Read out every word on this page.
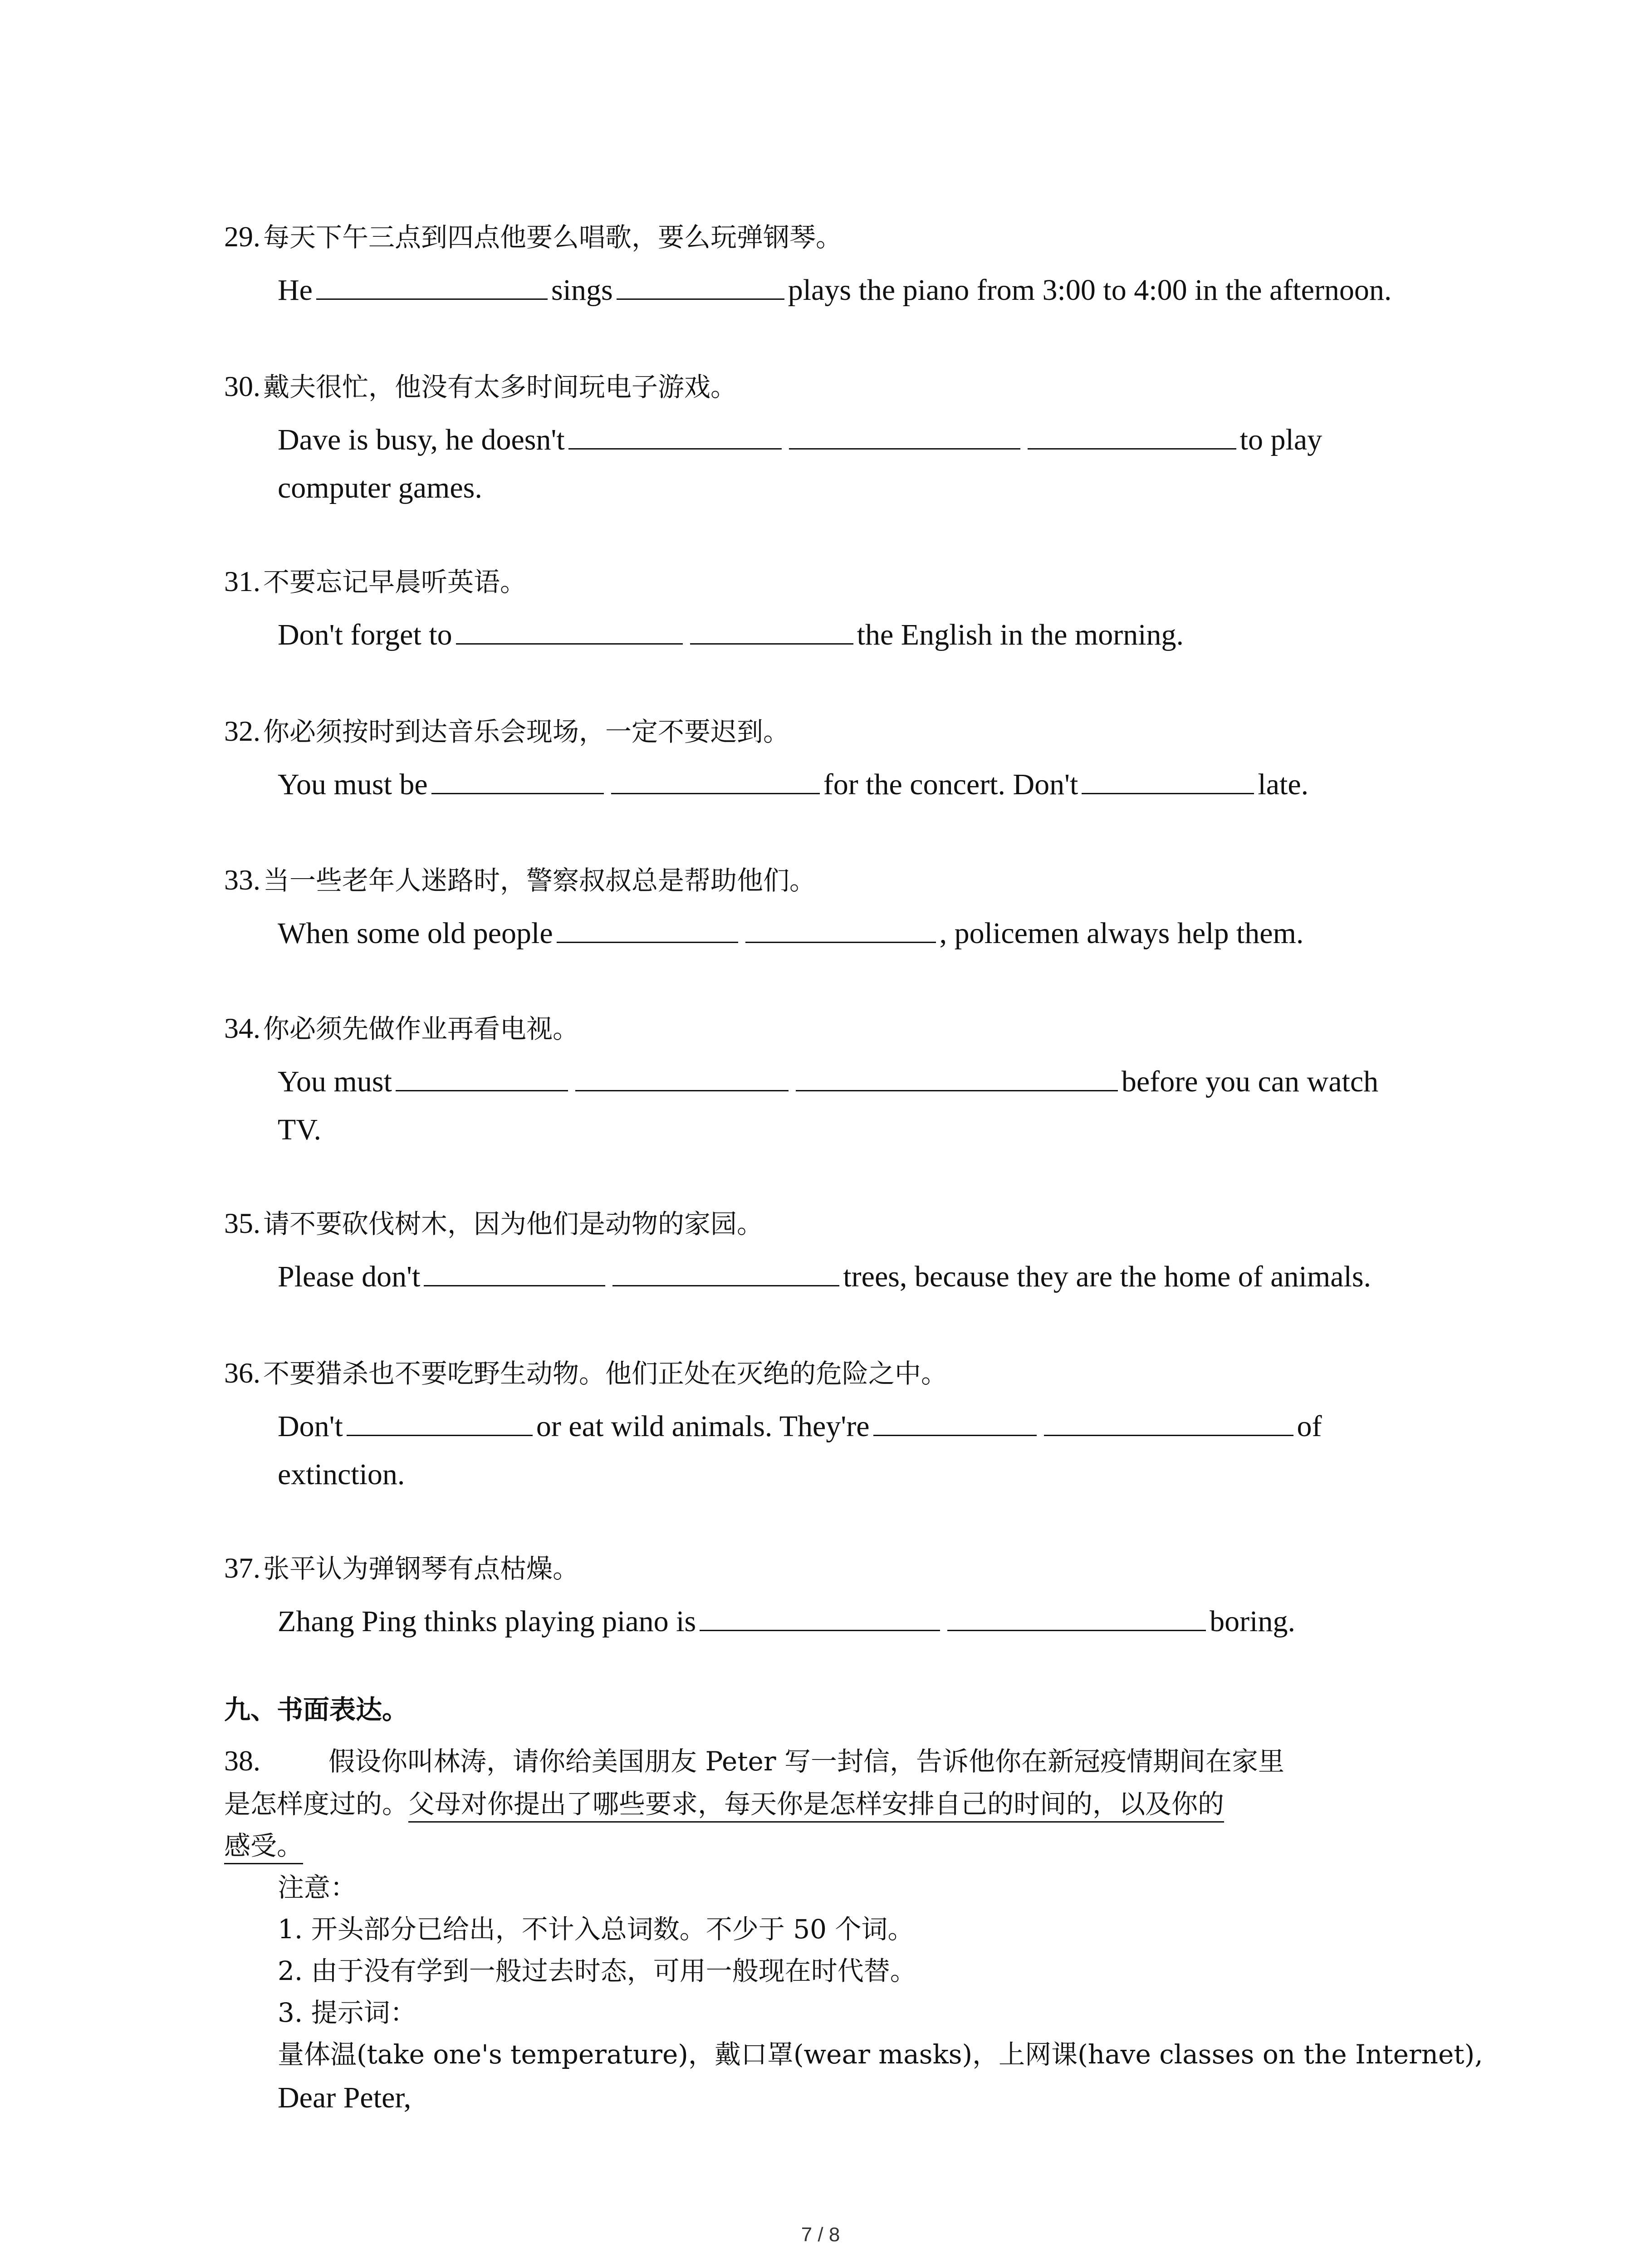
29. 每天下午三点到四点他要么唱歌，要么玩弹钢琴。
He	sings	plays the piano from 3:00 to 4:00 in the afternoon.
30. 戴夫很忙，他没有太多时间玩电子游戏。
Dave is busy, he doesn't	to play
computer games.
31. 不要忘记早晨听英语。
Don't forget to	the English in the morning.
32. 你必须按时到达音乐会现场，一定不要迟到。
You must be	for the concert. Don't	late.
33. 当一些老年人迷路时，警察叔叔总是帮助他们。
When some old people	, policemen always help them.
34. 你必须先做作业再看电视。
You must	before you can watch
TV.
35. 请不要砍伐树木，因为他们是动物的家园。
Please don't	trees, because they are the home of animals.
36. 不要猎杀也不要吃野生动物。他们正处在灭绝的危险之中。
Don't	or eat wild animals. They're	of
extinction.
37. 张平认为弹钢琴有点枯燥。
Zhang Ping thinks playing piano is	boring.
九、书面表达。
38.	假设你叫林涛，请你给美国朋友 Peter 写一封信，告诉他你在新冠疫情期间在家里
是怎样度过的。父母对你提出了哪些要求，每天你是怎样安排自己的时间的，以及你的
感受。
注意：
1. 开头部分已给出，不计入总词数。不少于 50 个词。
2. 由于没有学到一般过去时态，可用一般现在时代替。
3. 提示词：
量体温(take one's temperature)，戴口罩(wear masks)，上网课(have classes on the Internet),
Dear Peter,
7 / 8
